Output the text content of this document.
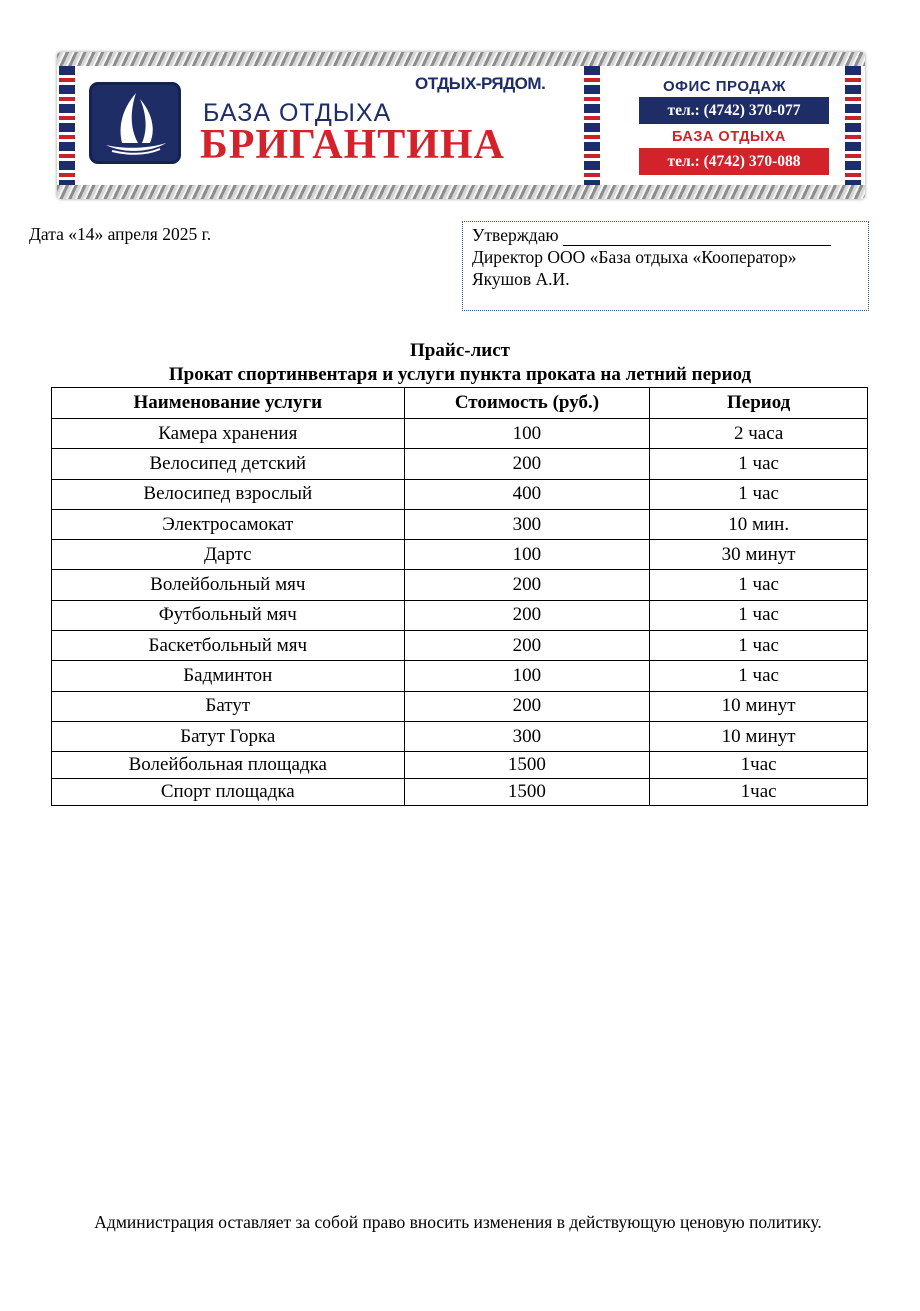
ОТДЫХ-РЯДОМ.
БАЗА ОТДЫХА
БРИГАНТИНА
ОФИС ПРОДАЖ
тел.: (4742) 370-077
БАЗА ОТДЫХА
тел.: (4742) 370-088
Дата «14» апреля 2025 г.	Утверждаю
Директор ООО «База отдыха «Кооператор»
Якушов А.И.
Прайс-лист
Прокат спортинвентаря и услуги пункта проката на летний период
Наименование услуги	Стоимость (руб.)	Период
Камера хранения	100	2 часа
Велосипед детский	200	1 час
Велосипед взрослый	400	1 час
Электросамокат	300	10 мин.
Дартс	100	30 минут
Волейбольный мяч	200	1 час
Футбольный мяч	200	1 час
Баскетбольный мяч	200	1 час
Бадминтон	100	1 час
Батут	200	10 минут
Батут Горка	300	10 минут
Волейбольная площадка	1500	1час
Спорт площадка	1500	1час
Администрация оставляет за собой право вносить изменения в действующую ценовую политику.
